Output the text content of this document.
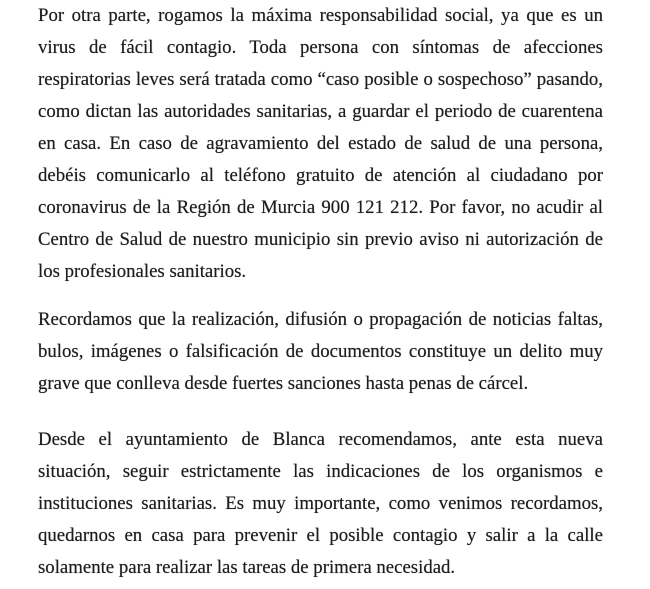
Por otra parte, rogamos la máxima responsabilidad social, ya que es un
virus de fácil contagio. Toda persona con síntomas de afecciones
respiratorias leves será tratada como “caso posible o sospechoso” pasando,
como dictan las autoridades sanitarias, a guardar el periodo de cuarentena
en casa. En caso de agravamiento del estado de salud de una persona,
debéis comunicarlo al teléfono gratuito de atención al ciudadano por
coronavirus de la Región de Murcia 900 121 212. Por favor, no acudir al
Centro de Salud de nuestro municipio sin previo aviso ni autorización de
los profesionales sanitarios.
Recordamos que la realización, difusión o propagación de noticias faltas,
bulos, imágenes o falsificación de documentos constituye un delito muy
grave que conlleva desde fuertes sanciones hasta penas de cárcel.
Desde el ayuntamiento de Blanca recomendamos, ante esta nueva
situación, seguir estrictamente las indicaciones de los organismos e
instituciones sanitarias. Es muy importante, como venimos recordamos,
quedarnos en casa para prevenir el posible contagio y salir a la calle
solamente para realizar las tareas de primera necesidad.
